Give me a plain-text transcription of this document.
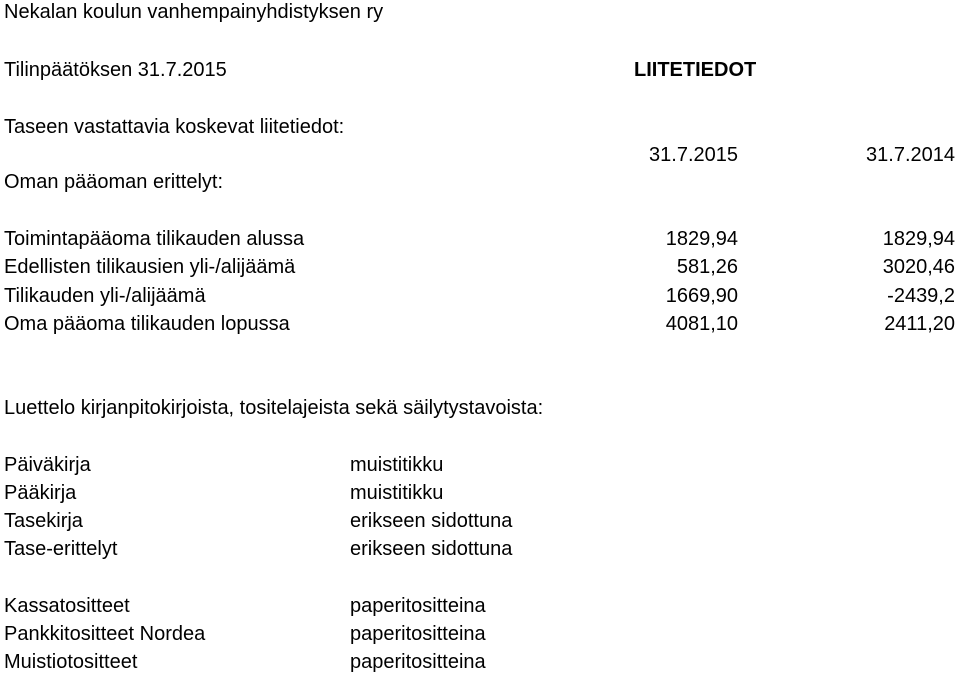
Nekalan koulun vanhempainyhdistyksen ry
Tilinpäätöksen 31.7.2015	LIITETIEDOT
Taseen vastattavia koskevat liitetiedot:
31.7.2015	31.7.2014
Oman pääoman erittelyt:
Toimintapääoma tilikauden alussa	1829,94	1829,94
Edellisten tilikausien yli-/alijäämä	581,26	3020,46
Tilikauden yli-/alijäämä	1669,90	-2439,2
Oma pääoma tilikauden lopussa	4081,10	2411,20
Luettelo kirjanpitokirjoista, tositelajeista sekä säilytystavoista:
Päiväkirja	muistitikku
Pääkirja	muistitikku
Tasekirja	erikseen sidottuna
Tase-erittelyt	erikseen sidottuna
Kassatositteet	paperitositteina
Pankkitositteet Nordea	paperitositteina
Muistiotositteet	paperitositteina
